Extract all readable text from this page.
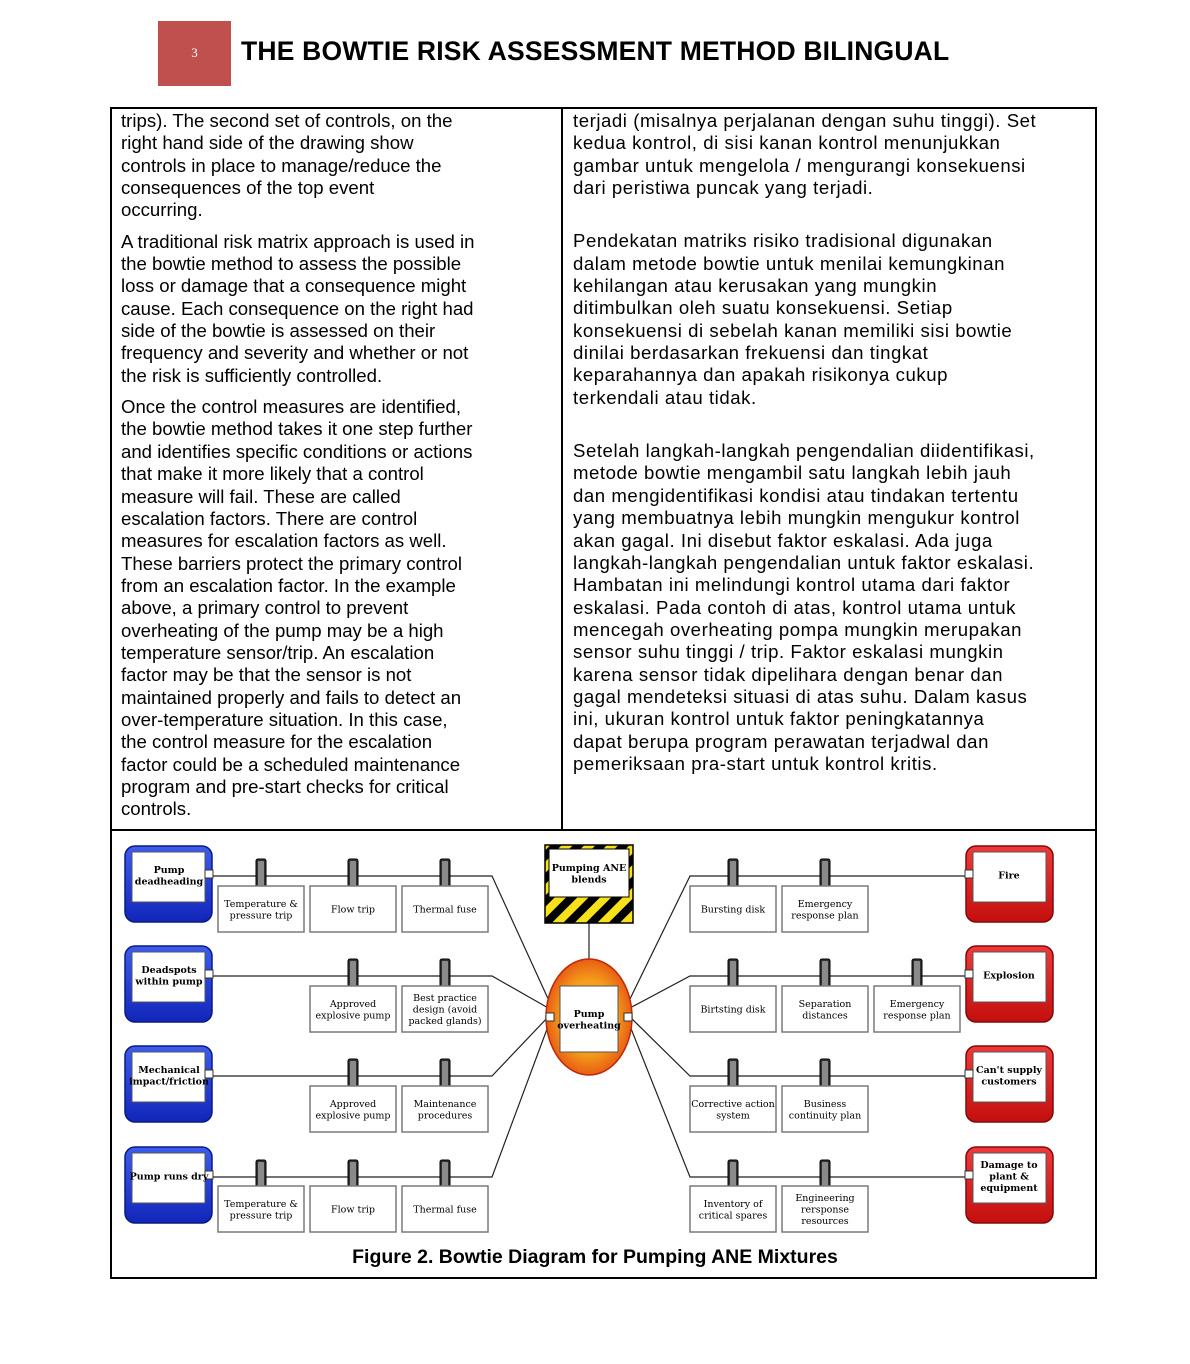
3	THE BOWTIE RISK ASSESSMENT METHOD BILINGUAL
trips). The second set of controls, on the
right hand side of the drawing show
controls in place to manage/reduce the
consequences of the top event
occurring.
A traditional risk matrix approach is used in
the bowtie method to assess the possible
loss or damage that a consequence might
cause. Each consequence on the right had
side of the bowtie is assessed on their
frequency and severity and whether or not
the risk is sufficiently controlled.
Once the control measures are identified,
the bowtie method takes it one step further
and identifies specific conditions or actions
that make it more likely that a control
measure will fail. These are called
escalation factors. There are control
measures for escalation factors as well.
These barriers protect the primary control
from an escalation factor. In the example
above, a primary control to prevent
overheating of the pump may be a high
temperature sensor/trip. An escalation
factor may be that the sensor is not
maintained properly and fails to detect an
over-temperature situation. In this case,
the control measure for the escalation
factor could be a scheduled maintenance
program and pre-start checks for critical
controls.
terjadi (misalnya perjalanan dengan suhu tinggi). Set
kedua kontrol, di sisi kanan kontrol menunjukkan
gambar untuk mengelola / mengurangi konsekuensi
dari peristiwa puncak yang terjadi.
Pendekatan matriks risiko tradisional digunakan
dalam metode bowtie untuk menilai kemungkinan
kehilangan atau kerusakan yang mungkin
ditimbulkan oleh suatu konsekuensi. Setiap
konsekuensi di sebelah kanan memiliki sisi bowtie
dinilai berdasarkan frekuensi dan tingkat
keparahannya dan apakah risikonya cukup
terkendali atau tidak.
Setelah langkah-langkah pengendalian diidentifikasi,
metode bowtie mengambil satu langkah lebih jauh
dan mengidentifikasi kondisi atau tindakan tertentu
yang membuatnya lebih mungkin mengukur kontrol
akan gagal. Ini disebut faktor eskalasi. Ada juga
langkah-langkah pengendalian untuk faktor eskalasi.
Hambatan ini melindungi kontrol utama dari faktor
eskalasi. Pada contoh di atas, kontrol utama untuk
mencegah overheating pompa mungkin merupakan
sensor suhu tinggi / trip. Faktor eskalasi mungkin
karena sensor tidak dipelihara dengan benar dan
gagal mendeteksi situasi di atas suhu. Dalam kasus
ini, ukuran kontrol untuk faktor peningkatannya
dapat berupa program perawatan terjadwal dan
pemeriksaan pra-start untuk kontrol kritis.
Pump deadheading
Temperature & pressure trip
Flow trip	Thermal fuse
Deadspots within pump
Approved explosive pump
Best practice design (avoid packed glands)
Mechanical impact/friction
Approved explosive pump
Maintenance procedures
Pump runs dry
Temperature & pressure trip
Flow trip	Thermal fuse
Fire
Bursting disk
Emergency response plan
Explosion
Birtsting disk
Separation distances
Emergency response plan
Can't supply customers
Corrective action system
Business continuity plan
Damage to plant & equipment
Inventory of critical spares
Engineering rersponse resources
Pumping ANE blends
Pump overheating
Figure 2. Bowtie Diagram for Pumping ANE Mixtures
